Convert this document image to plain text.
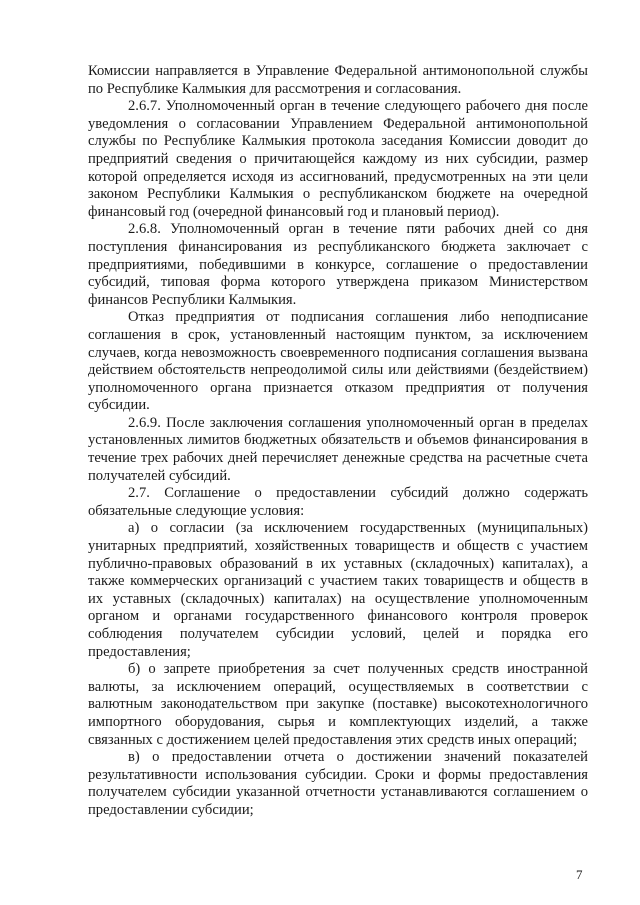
Комиссии направляется в Управление Федеральной антимонопольной службы по Республике Калмыкия для рассмотрения и согласования.

2.6.7. Уполномоченный орган в течение следующего рабочего дня после уведомления о согласовании Управлением Федеральной антимонопольной службы по Республике Калмыкия протокола заседания Комиссии доводит до предприятий сведения о причитающейся каждому из них субсидии, размер которой определяется исходя из ассигнований, предусмотренных на эти цели законом Республики Калмыкия о республиканском бюджете на очередной финансовый год (очередной финансовый год и плановый период).

2.6.8. Уполномоченный орган в течение пяти рабочих дней со дня поступления финансирования из республиканского бюджета заключает с предприятиями, победившими в конкурсе, соглашение о предоставлении субсидий, типовая форма которого утверждена приказом Министерством финансов Республики Калмыкия.

Отказ предприятия от подписания соглашения либо неподписание соглашения в срок, установленный настоящим пунктом, за исключением случаев, когда невозможность своевременного подписания соглашения вызвана действием обстоятельств непреодолимой силы или действиями (бездействием) уполномоченного органа признается отказом предприятия от получения субсидии.

2.6.9. После заключения соглашения уполномоченный орган в пределах установленных лимитов бюджетных обязательств и объемов финансирования в течение трех рабочих дней перечисляет денежные средства на расчетные счета получателей субсидий.

2.7. Соглашение о предоставлении субсидий должно содержать обязательные следующие условия:

а) о согласии (за исключением государственных (муниципальных) унитарных предприятий, хозяйственных товариществ и обществ с участием публично-правовых образований в их уставных (складочных) капиталах), а также коммерческих организаций с участием таких товариществ и обществ в их уставных (складочных) капиталах) на осуществление уполномоченным органом и органами государственного финансового контроля проверок соблюдения получателем субсидии условий, целей и порядка его предоставления;

б) о запрете приобретения за счет полученных средств иностранной валюты, за исключением операций, осуществляемых в соответствии с валютным законодательством при закупке (поставке) высокотехнологичного импортного оборудования, сырья и комплектующих изделий, а также связанных с достижением целей предоставления этих средств иных операций;

в) о предоставлении отчета о достижении значений показателей результативности использования субсидии. Сроки и формы предоставления получателем субсидии указанной отчетности устанавливаются соглашением о предоставлении субсидии;

7
